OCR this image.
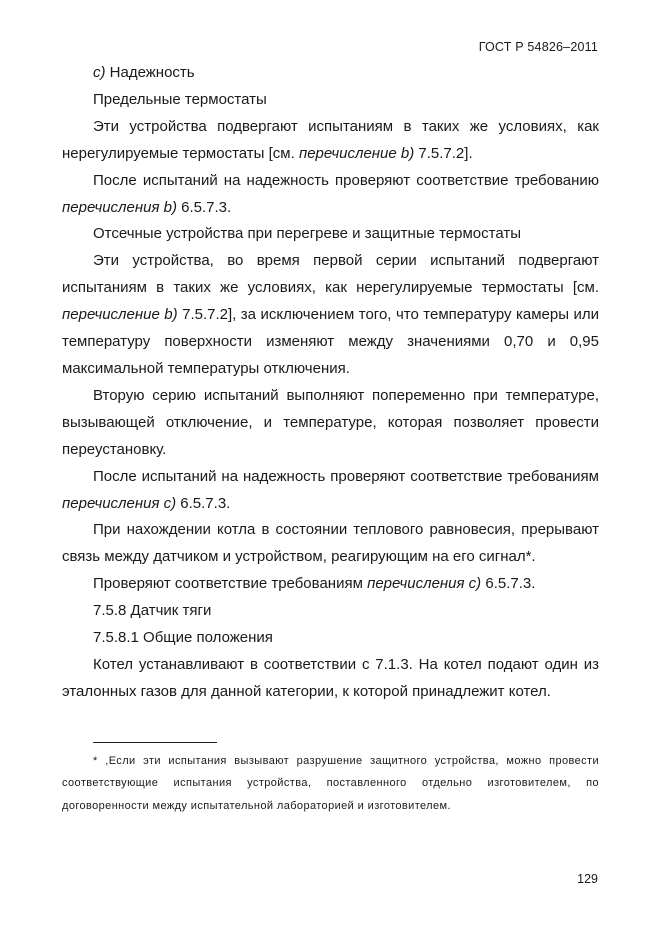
ГОСТ Р 54826–2011

с) Надежность

Предельные термостаты

Эти устройства подвергают испытаниям в таких же условиях, как нерегулируемые термостаты [см. перечисление b) 7.5.7.2].

После испытаний на надежность проверяют соответствие требованию перечисления b) 6.5.7.3.

Отсечные устройства при перегреве и защитные термостаты

Эти устройства, во время первой серии испытаний подвергают испытаниям в таких же условиях, как нерегулируемые термостаты [см. перечисление b) 7.5.7.2], за исключением того, что температуру камеры или температуру поверхности изменяют между значениями 0,70 и 0,95 максимальной температуры отключения.

Вторую серию испытаний выполняют попеременно при температуре, вызывающей отключение, и температуре, которая позволяет провести переустановку.

После испытаний на надежность проверяют соответствие требованиям перечисления с) 6.5.7.3.

При нахождении котла в состоянии теплового равновесия, прерывают связь между датчиком и устройством, реагирующим на его сигнал*.

Проверяют соответствие требованиям перечисления с) 6.5.7.3.

7.5.8 Датчик тяги

7.5.8.1 Общие положения

Котел устанавливают в соответствии с 7.1.3. На котел подают один из эталонных газов для данной категории, к которой принадлежит котел.

* ,Если эти испытания вызывают разрушение защитного устройства, можно провести соответствующие испытания устройства, поставленного отдельно изготовителем, по договоренности между испытательной лабораторией и изготовителем.

129
